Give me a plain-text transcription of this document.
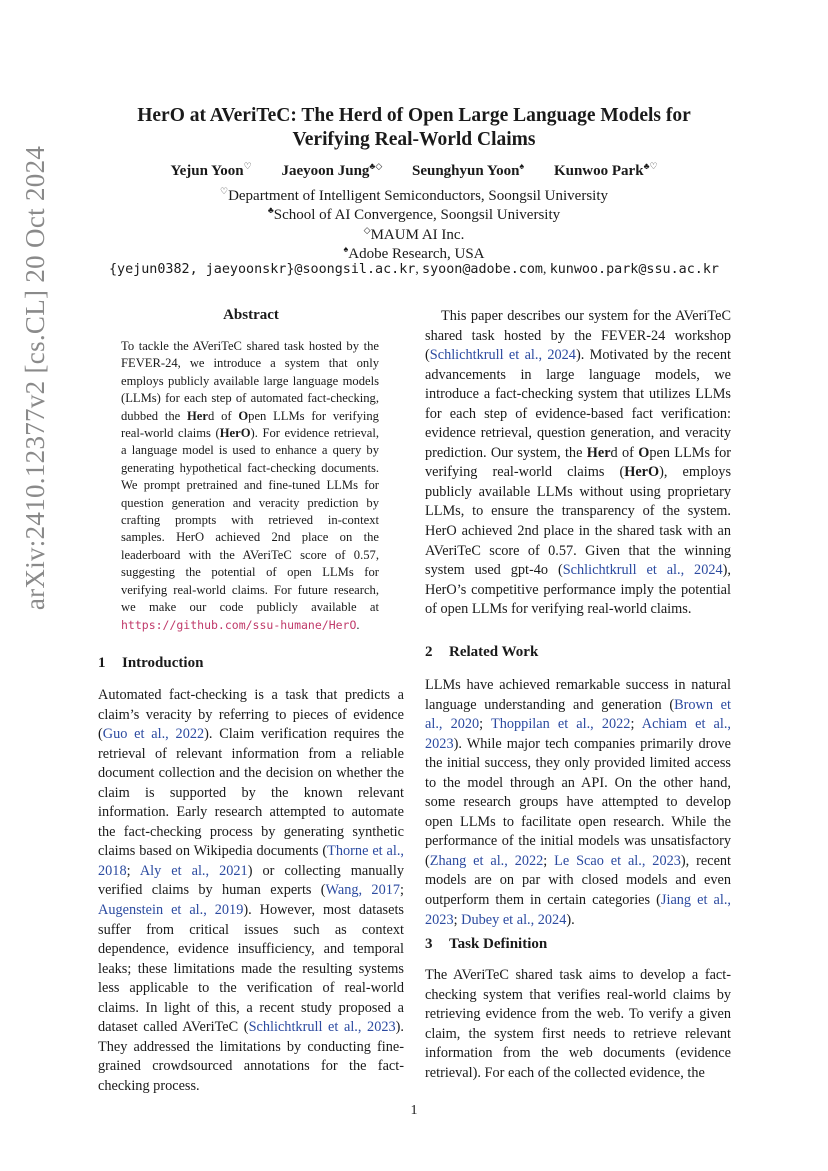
arXiv:2410.12377v2 [cs.CL] 20 Oct 2024
HerO at AVeriTeC: The Herd of Open Large Language Models for
Verifying Real-World Claims
Yejun Yoon♡ Jaeyoon Jung♣◇ Seunghyun Yoon♠ Kunwoo Park♣♡
♡Department of Intelligent Semiconductors, Soongsil University
♣School of AI Convergence, Soongsil University
◇MAUM AI Inc.
♠Adobe Research, USA
{yejun0382, jaeyoonskr}@soongsil.ac.kr, syoon@adobe.com, kunwoo.park@ssu.ac.kr
Abstract
To tackle the AVeriTeC shared task hosted by the FEVER-24, we introduce a system that only employs publicly available large language models (LLMs) for each step of automated fact-checking, dubbed the Herd of Open LLMs for verifying real-world claims (HerO). For evidence retrieval, a language model is used to enhance a query by generating hypothetical fact-checking documents. We prompt pretrained and fine-tuned LLMs for question generation and veracity prediction by crafting prompts with retrieved in-context samples. HerO achieved 2nd place on the leaderboard with the AVeriTeC score of 0.57, suggesting the potential of open LLMs for verifying real-world claims. For future research, we make our code publicly available at https://github.com/ssu-humane/HerO.
1 Introduction
Automated fact-checking is a task that predicts a claim’s veracity by referring to pieces of evidence (Guo et al., 2022). Claim verification requires the retrieval of relevant information from a reliable document collection and the decision on whether the claim is supported by the known relevant information. Early research attempted to automate the fact-checking process by generating synthetic claims based on Wikipedia documents (Thorne et al., 2018; Aly et al., 2021) or collecting manually verified claims by human experts (Wang, 2017; Augenstein et al., 2019). However, most datasets suffer from critical issues such as context dependence, evidence insufficiency, and temporal leaks; these limitations made the resulting systems less applicable to the verification of real-world claims. In light of this, a recent study proposed a dataset called AVeriTeC (Schlichtkrull et al., 2023). They addressed the limitations by conducting fine-grained crowdsourced annotations for the fact-checking process.
This paper describes our system for the AVeriTeC shared task hosted by the FEVER-24 workshop (Schlichtkrull et al., 2024). Motivated by the recent advancements in large language models, we introduce a fact-checking system that utilizes LLMs for each step of evidence-based fact verification: evidence retrieval, question generation, and veracity prediction. Our system, the Herd of Open LLMs for verifying real-world claims (HerO), employs publicly available LLMs without using proprietary LLMs, to ensure the transparency of the system. HerO achieved 2nd place in the shared task with an AVeriTeC score of 0.57. Given that the winning system used gpt-4o (Schlichtkrull et al., 2024), HerO’s competitive performance imply the potential of open LLMs for verifying real-world claims.
2 Related Work
LLMs have achieved remarkable success in natural language understanding and generation (Brown et al., 2020; Thoppilan et al., 2022; Achiam et al., 2023). While major tech companies primarily drove the initial success, they only provided limited access to the model through an API. On the other hand, some research groups have attempted to develop open LLMs to facilitate open research. While the performance of the initial models was unsatisfactory (Zhang et al., 2022; Le Scao et al., 2023), recent models are on par with closed models and even outperform them in certain categories (Jiang et al., 2023; Dubey et al., 2024).
3 Task Definition
The AVeriTeC shared task aims to develop a fact-checking system that verifies real-world claims by retrieving evidence from the web. To verify a given claim, the system first needs to retrieve relevant information from the web documents (evidence retrieval). For each of the collected evidence, the
1
